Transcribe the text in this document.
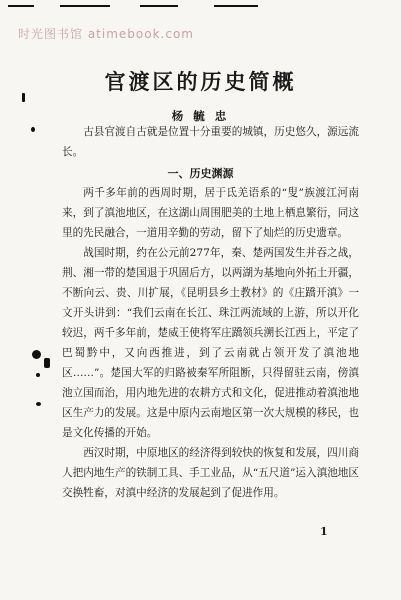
时光图书馆 atimebook.com
官渡区的历史简概
杨 毓 忠

古县官渡自古就是位置十分重要的城镇，历史悠久，源远流长。

一、历史渊源

两千多年前的西周时期，居于氐羌语系的“叟”族渡江河南来，到了滇池地区，在这湖山周围肥美的土地上栖息繁衍，同这里的先民融合，一道用辛勤的劳动，留下了灿烂的历史遗章。

战国时期，约在公元前277年，秦、楚两国发生并吞之战，荆、湘一带的楚国退于巩固后方，以两湖为基地向外拓土开疆，不断向云、贵、川扩展，《昆明县乡土教材》的《庄蹻开滇》一文开头讲到：“我们云南在长江、珠江两流域的上游，所以开化较迟，两千多年前，楚威王使将军庄蹻领兵溯长江西上，平定了巴蜀黔中，又向西推进，到了云南就占领开发了滇池地区……”。楚国大军的归路被秦军所阻断，只得留驻云南，傍滇池立国而治，用内地先进的农耕方式和文化，促进推动着滇池地区生产力的发展。这是中原内云南地区第一次大规模的移民，也是文化传播的开始。

西汉时期，中原地区的经济得到较快的恢复和发展，四川商人把内地生产的铁制工具、手工业品，从“五尺道”运入滇池地区交换牲畜，对滇中经济的发展起到了促进作用。

1
